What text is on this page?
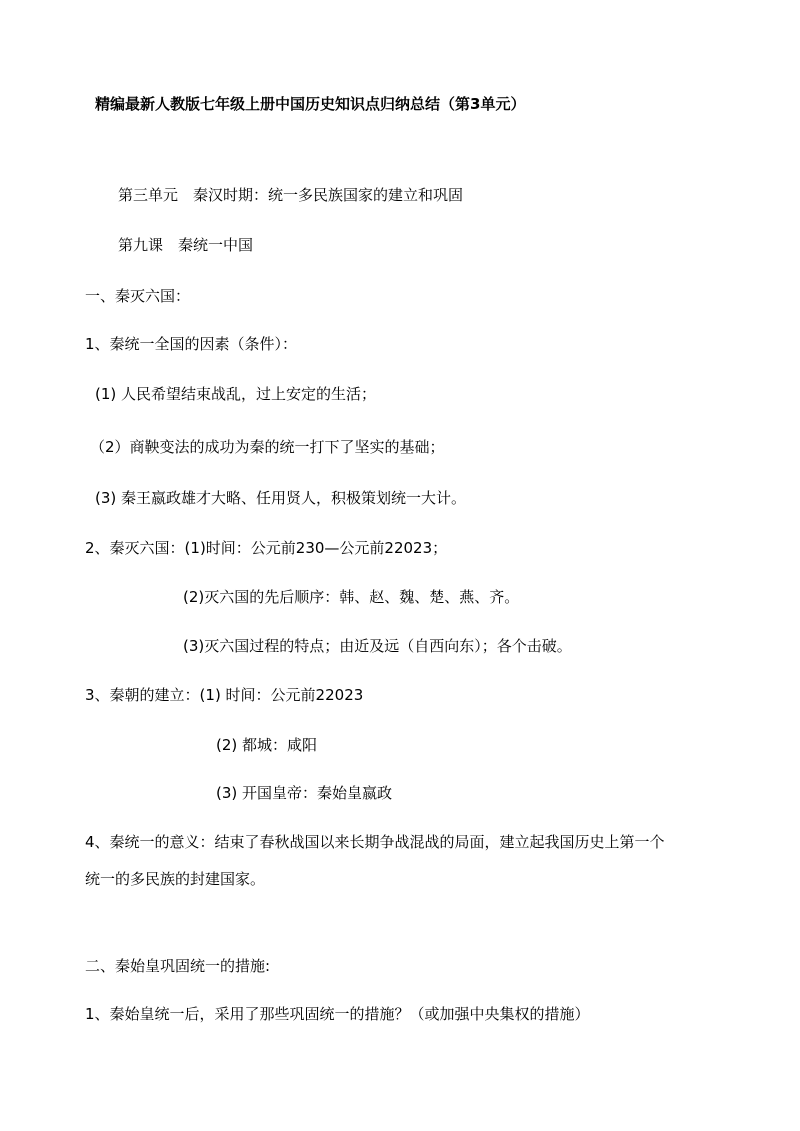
精编最新人教版七年级上册中国历史知识点归纳总结（第3单元）

第三单元　秦汉时期：统一多民族国家的建立和巩固

第九课　秦统一中国

一、秦灭六国：

1、秦统一全国的因素（条件）：

(1) 人民希望结束战乱，过上安定的生活；

（2）商鞅变法的成功为秦的统一打下了坚实的基础；

(3) 秦王嬴政雄才大略、任用贤人，积极策划统一大计。

2、秦灭六国：(1)时间：公元前230—公元前22023；

(2)灭六国的先后顺序：韩、赵、魏、楚、燕、齐。

(3)灭六国过程的特点；由近及远（自西向东）；各个击破。

3、秦朝的建立：(1) 时间：公元前22023

(2) 都城：咸阳

(3) 开国皇帝：秦始皇嬴政

4、秦统一的意义：结束了春秋战国以来长期争战混战的局面，建立起我国历史上第一个

统一的多民族的封建国家。

二、秦始皇巩固统一的措施:

1、秦始皇统一后，采用了那些巩固统一的措施？（或加强中央集权的措施）
